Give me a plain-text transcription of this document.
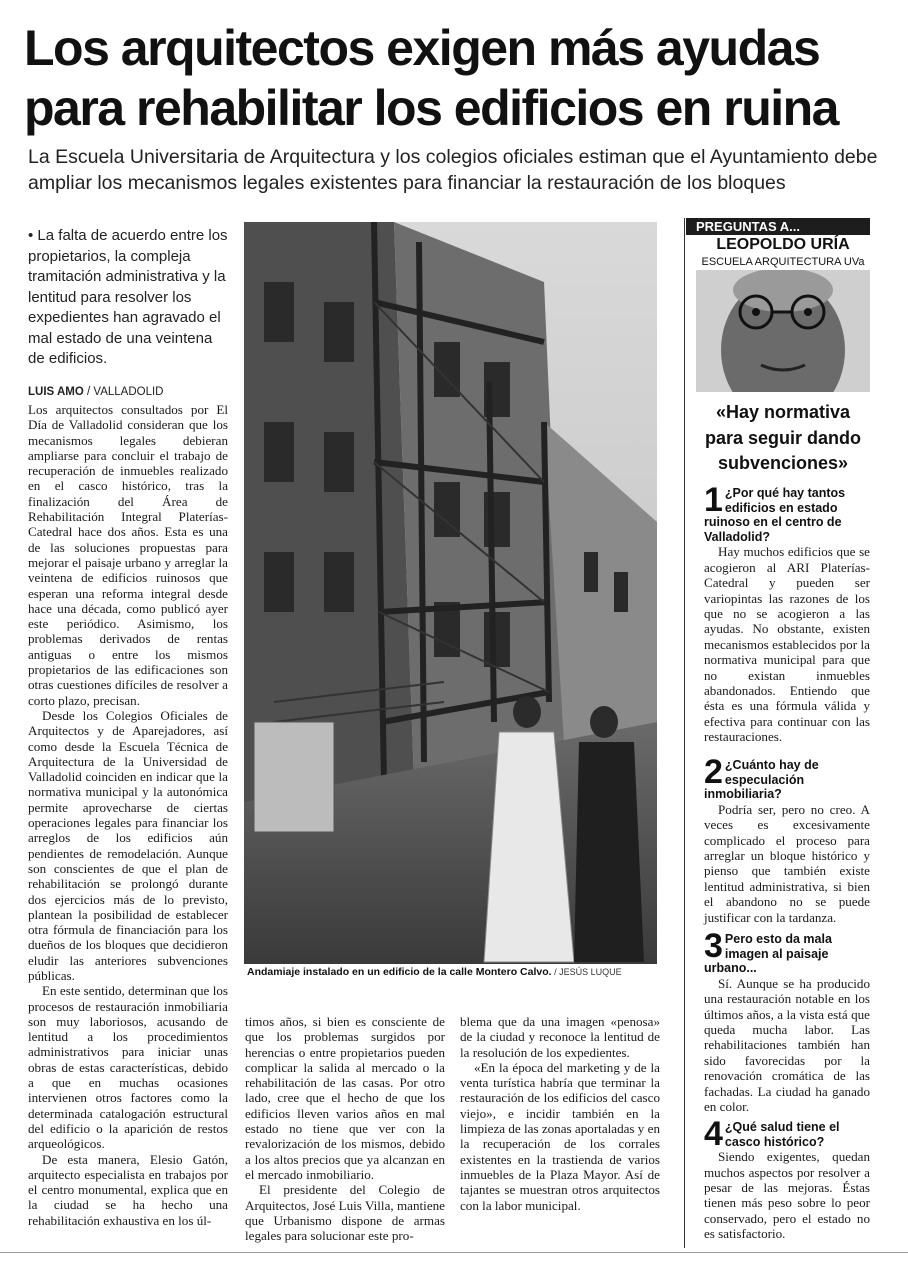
Los arquitectos exigen más ayudas para rehabilitar los edificios en ruina

La Escuela Universitaria de Arquitectura y los colegios oficiales estiman que el Ayuntamiento debe ampliar los mecanismos legales existentes para financiar la restauración de los bloques

• La falta de acuerdo entre los propietarios, la compleja tramitación administrativa y la lentitud para resolver los expedientes han agravado el mal estado de una veintena de edificios.
LUIS AMO / VALLADOLID

Los arquitectos consultados por El Día de Valladolid consideran que los mecanismos legales debieran ampliarse para concluir el trabajo de recuperación de inmuebles realizado en el casco histórico, tras la finalización del Área de Rehabilitación Integral Platerías-Catedral hace dos años. Esta es una de las soluciones propuestas para mejorar el paisaje urbano y arreglar la veintena de edificios ruinosos que esperan una reforma integral desde hace una década, como publicó ayer este periódico. Asimismo, los problemas derivados de rentas antiguas o entre los mismos propietarios de las edificaciones son otras cuestiones difíciles de resolver a corto plazo, precisan.

Desde los Colegios Oficiales de Arquitectos y de Aparejadores, así como desde la Escuela Técnica de Arquitectura de la Universidad de Valladolid coinciden en indicar que la normativa municipal y la autonómica permite aprovecharse de ciertas operaciones legales para financiar los arreglos de los edificios aún pendientes de remodelación. Aunque son conscientes de que el plan de rehabilitación se prolongó durante dos ejercicios más de lo previsto, plantean la posibilidad de establecer otra fórmula de financiación para los dueños de los bloques que decidieron eludir las anteriores subvenciones públicas.

En este sentido, determinan que los procesos de restauración inmobiliaria son muy laboriosos, acusando de lentitud a los procedimientos administrativos para iniciar unas obras de estas características, debido a que en muchas ocasiones intervienen otros factores como la determinada catalogación estructural del edificio o la aparición de restos arqueológicos.

De esta manera, Elesio Gatón, arquitecto especialista en trabajos por el centro monumental, explica que en la ciudad se ha hecho una rehabilitación exhaustiva en los úl-

Andamiaje instalado en un edificio de la calle Montero Calvo. / JESÚS LUQUE

timos años, si bien es consciente de que los problemas surgidos por herencias o entre propietarios pueden complicar la salida al mercado o la rehabilitación de las casas. Por otro lado, cree que el hecho de que los edificios lleven varios años en mal estado no tiene que ver con la revalorización de los mismos, debido a los altos precios que ya alcanzan en el mercado inmobiliario.

El presidente del Colegio de Arquitectos, José Luis Villa, mantiene que Urbanismo dispone de armas legales para solucionar este pro-

blema que da una imagen «penosa» de la ciudad y reconoce la lentitud de la resolución de los expedientes.

«En la época del marketing y de la venta turística habría que terminar la restauración de los edificios del casco viejo», e incidir también en la limpieza de las zonas aportaladas y en la recuperación de los corrales existentes en la trastienda de varios inmuebles de la Plaza Mayor. Así de tajantes se muestran otros arquitectos con la labor municipal.

PREGUNTAS A...
LEOPOLDO URÍA
ESCUELA ARQUITECTURA UVa
«Hay normativa para seguir dando subvenciones»
1 ¿Por qué hay tantos edificios en estado ruinoso en el centro de Valladolid?

Hay muchos edificios que se acogieron al ARI Platerías-Catedral y pueden ser variopintas las razones de los que no se acogieron a las ayudas. No obstante, existen mecanismos establecidos por la normativa municipal para que no existan inmuebles abandonados. Entiendo que ésta es una fórmula válida y efectiva para continuar con las restauraciones.

2 ¿Cuánto hay de especulación inmobiliaria?

Podría ser, pero no creo. A veces es excesivamente complicado el proceso para arreglar un bloque histórico y pienso que también existe lentitud administrativa, si bien el abandono no se puede justificar con la tardanza.

3 Pero esto da mala imagen al paisaje urbano...

Sí. Aunque se ha producido una restauración notable en los últimos años, a la vista está que queda mucha labor. Las rehabilitaciones también han sido favorecidas por la renovación cromática de las fachadas. La ciudad ha ganado en color.

4 ¿Qué salud tiene el casco histórico?

Siendo exigentes, quedan muchos aspectos por resolver a pesar de las mejoras. Éstas tienen más peso sobre lo peor conservado, pero el estado no es satisfactorio.
